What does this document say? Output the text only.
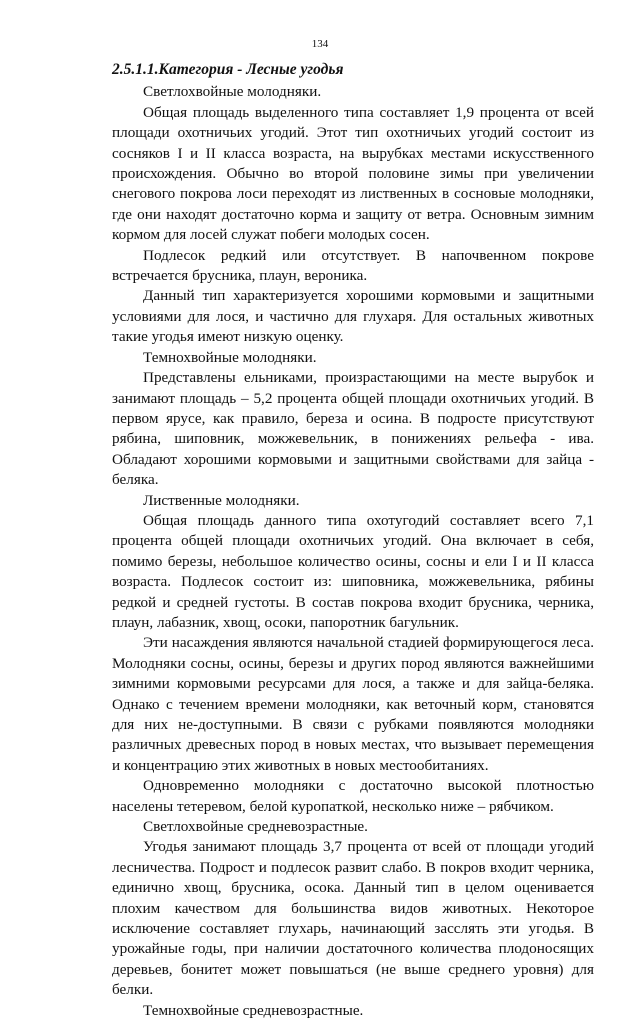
134

2.5.1.1.Категория - Лесные угодья

Светлохвойные молодняки.

Общая площадь выделенного типа составляет 1,9 процента от всей площади охотничьих угодий. Этот тип охотничьих угодий состоит из сосняков I и II класса возраста, на вырубках местами искусственного происхождения. Обычно во второй половине зимы при увеличении снегового покрова лоси переходят из лиственных в сосновые молодняки, где они находят достаточно корма и защиту от ветра. Основным зимним кормом для лосей служат побеги молодых сосен.

Подлесок редкий или отсутствует. В напочвенном покрове встречается брусника, плаун, вероника.

Данный тип характеризуется хорошими кормовыми и защитными условиями для лося, и частично для глухаря. Для остальных животных такие угодья имеют низкую оценку.

Темнохвойные молодняки.

Представлены ельниками, произрастающими на месте вырубок и занимают площадь – 5,2 процента общей площади охотничьих угодий. В первом ярусе, как правило, береза и осина. В подросте присутствуют рябина, шиповник, можжевельник, в понижениях рельефа - ива. Обладают хорошими кормовыми и защитными свойствами для зайца - беляка.

Лиственные молодняки.

Общая площадь данного типа охотугодий составляет всего 7,1 процента общей площади охотничьих угодий. Она включает в себя, помимо березы, небольшое количество осины, сосны и ели I и II класса возраста. Подлесок состоит из: шиповника, можжевельника, рябины редкой и средней густоты. В состав покрова входит брусника, черника, плаун, лабазник, хвощ, осоки, папоротник багульник.

Эти насаждения являются начальной стадией формирующегося леса. Молодняки сосны, осины, березы и других пород являются важнейшими зимними кормовыми ресурсами для лося, а также и для зайца-беляка. Однако с течением времени молодняки, как веточный корм, становятся для них не-доступными. В связи с рубками появляются молодняки различных древесных пород в новых местах, что вызывает перемещения и концентрацию этих животных в новых местообитаниях.

Одновременно молодняки с достаточно высокой плотностью населены тетеревом, белой куропаткой, несколько ниже – рябчиком.

Светлохвойные средневозрастные.

Угодья занимают площадь 3,7 процента от всей от площади угодий лесничества. Подрост и подлесок развит слабо. В покров входит черника, единично хвощ, брусника, осока. Данный тип в целом оценивается плохим качеством для большинства видов животных. Некоторое исключение составляет глухарь, начинающий засслять эти угодья. В урожайные годы, при наличии достаточного количества плодоносящих деревьев, бонитет может повышаться (не выше среднего уровня) для белки.

Темнохвойные средневозрастные.
